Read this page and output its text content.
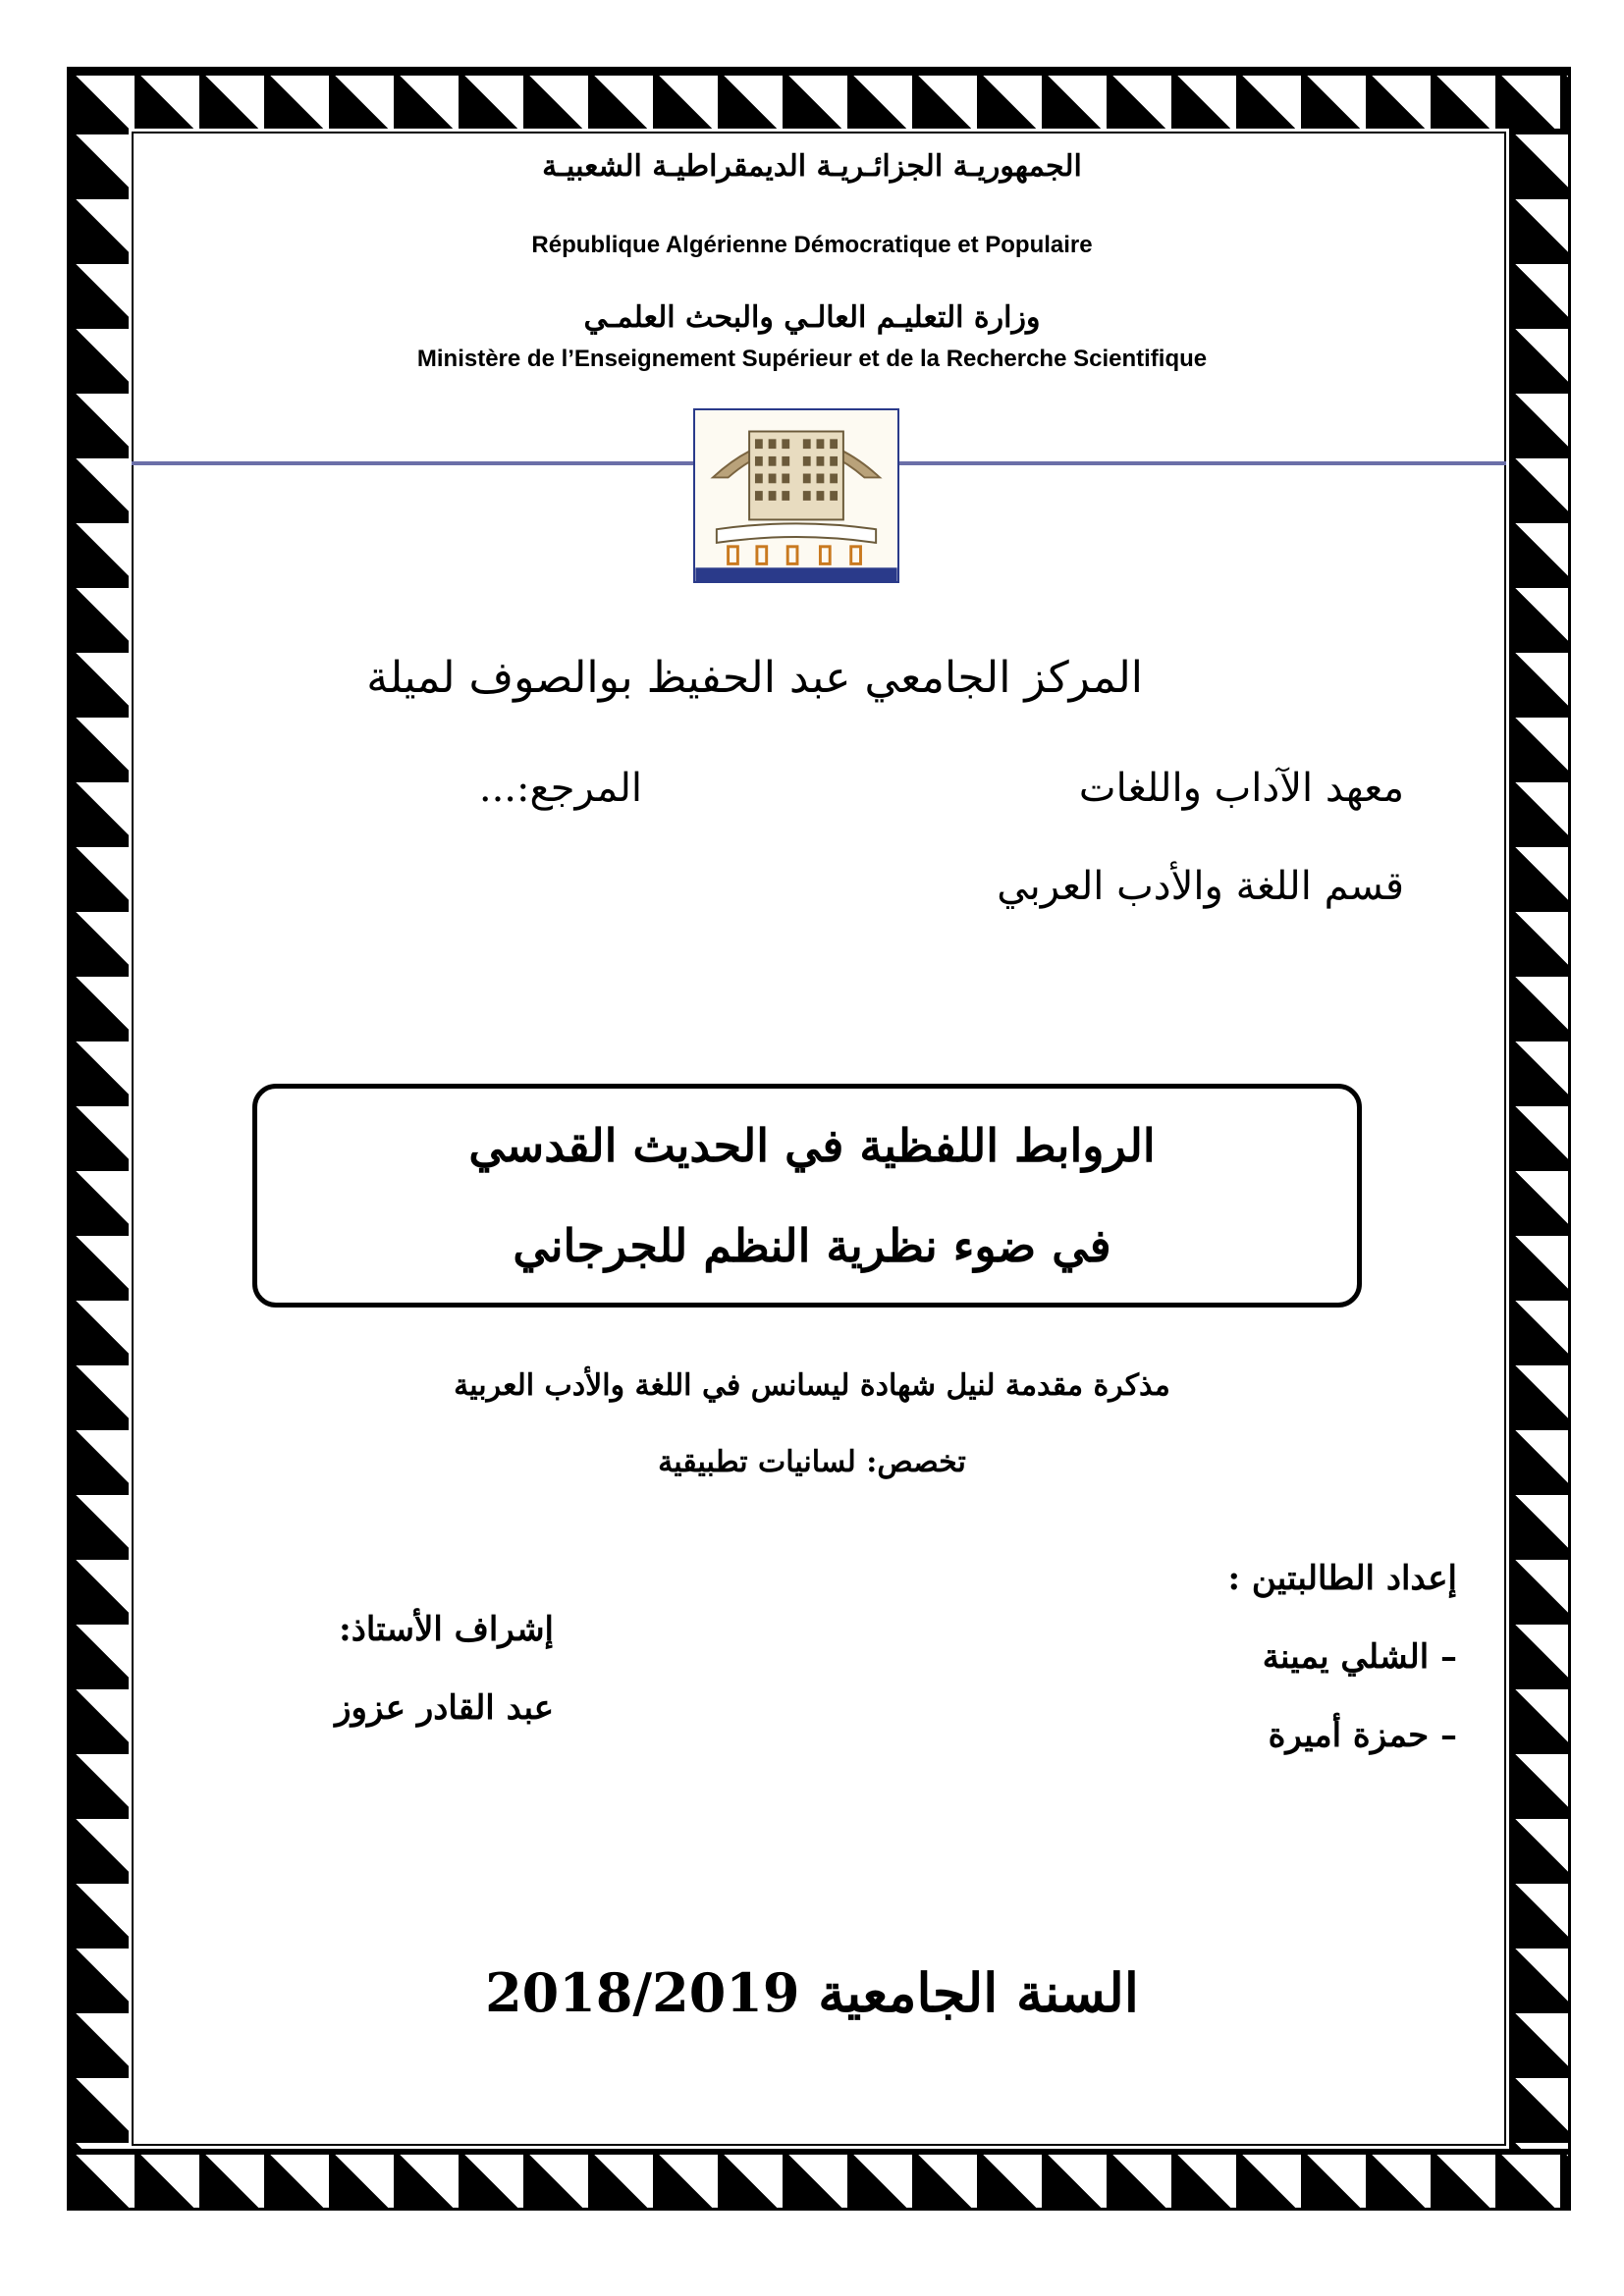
الجمهوريـة الجزائـريـة الديمقراطيـة الشعبيـة
République Algérienne Démocratique et Populaire
وزارة التعليـم العالـي والبحث العلمـي
Ministère de l’Enseignement Supérieur et de la Recherche Scientifique
المركز الجامعي عبد الحفيظ بوالصوف لميلة
معهد الآداب واللغات
المرجع:...
قسم اللغة والأدب العربي
الروابط اللفظية في الحديث القدسي
في ضوء نظرية النظم للجرجاني
مذكرة مقدمة لنيل شهادة ليسانس في اللغة والأدب العربية
تخصص: لسانيات تطبيقية
إعداد الطالبتين :
– الشلي يمينة
– حمزة أميرة
إشراف الأستاذ:
عبد القادر عزوز
السنة الجامعية 2018/2019
